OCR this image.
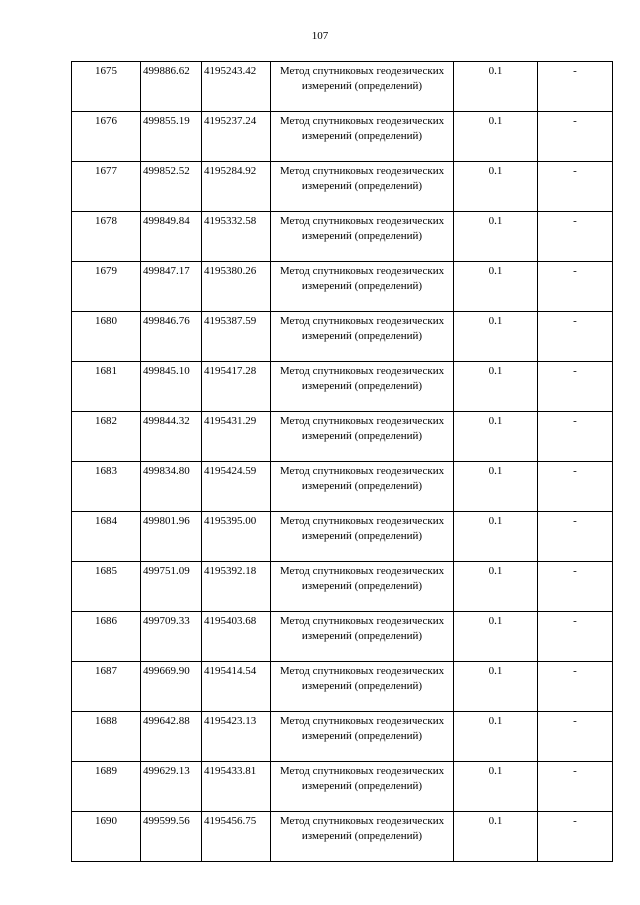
107
1675	499886.62	4195243.42	Метод спутниковых геодезических измерений (определений)	0.1	-
1676	499855.19	4195237.24	Метод спутниковых геодезических измерений (определений)	0.1	-
1677	499852.52	4195284.92	Метод спутниковых геодезических измерений (определений)	0.1	-
1678	499849.84	4195332.58	Метод спутниковых геодезических измерений (определений)	0.1	-
1679	499847.17	4195380.26	Метод спутниковых геодезических измерений (определений)	0.1	-
1680	499846.76	4195387.59	Метод спутниковых геодезических измерений (определений)	0.1	-
1681	499845.10	4195417.28	Метод спутниковых геодезических измерений (определений)	0.1	-
1682	499844.32	4195431.29	Метод спутниковых геодезических измерений (определений)	0.1	-
1683	499834.80	4195424.59	Метод спутниковых геодезических измерений (определений)	0.1	-
1684	499801.96	4195395.00	Метод спутниковых геодезических измерений (определений)	0.1	-
1685	499751.09	4195392.18	Метод спутниковых геодезических измерений (определений)	0.1	-
1686	499709.33	4195403.68	Метод спутниковых геодезических измерений (определений)	0.1	-
1687	499669.90	4195414.54	Метод спутниковых геодезических измерений (определений)	0.1	-
1688	499642.88	4195423.13	Метод спутниковых геодезических измерений (определений)	0.1	-
1689	499629.13	4195433.81	Метод спутниковых геодезических измерений (определений)	0.1	-
1690	499599.56	4195456.75	Метод спутниковых геодезических измерений (определений)	0.1	-
